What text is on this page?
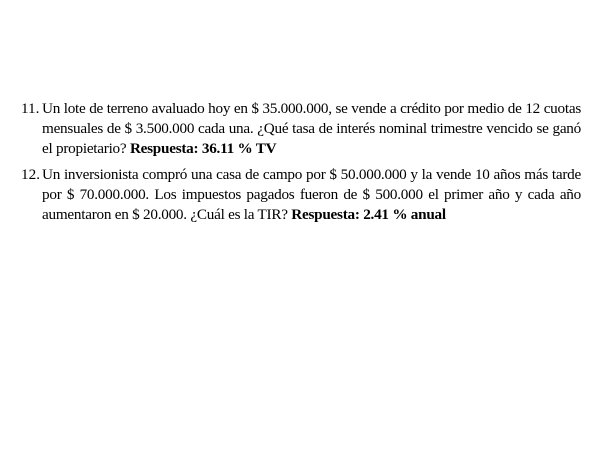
11. Un lote de terreno avaluado hoy en $ 35.000.000, se vende a crédito por medio de 12 cuotas mensuales de $ 3.500.000 cada una. ¿Qué tasa de interés nominal trimestre vencido se ganó el propietario? Respuesta: 36.11 % TV
12. Un inversionista compró una casa de campo por $ 50.000.000 y la vende 10 años más tarde por $ 70.000.000. Los impuestos pagados fueron de $ 500.000 el primer año y cada año aumentaron en $ 20.000. ¿Cuál es la TIR? Respuesta: 2.41 % anual
